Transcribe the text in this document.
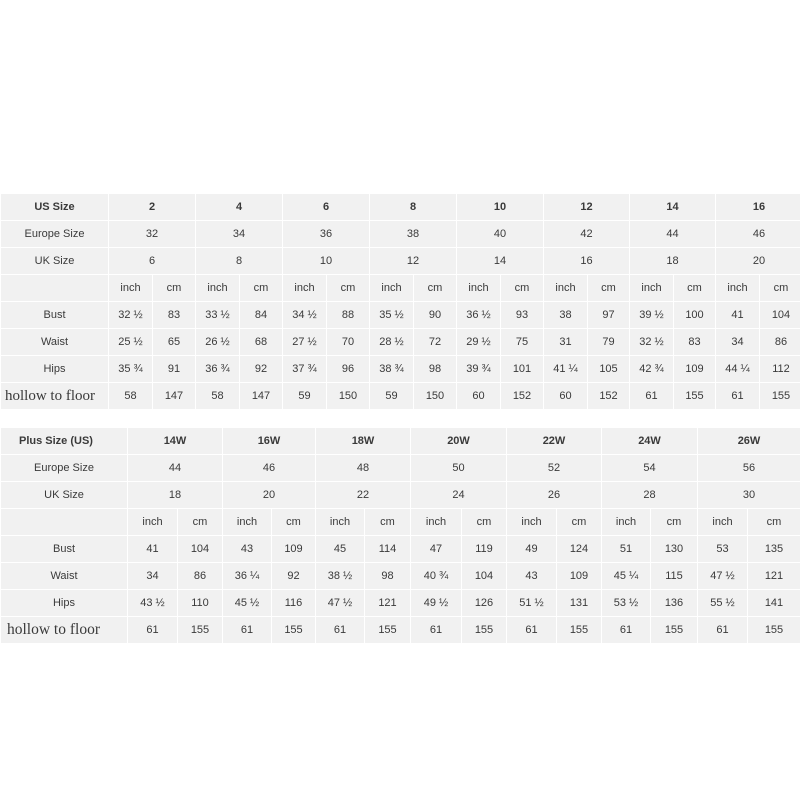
US Size	2		4		6		8		10		12		14		16	
Europe Size	32		34		36		38		40		42		44		46	
UK Size	6		8		10		12		14		16		18		20	
	inch	cm	inch	cm	inch	cm	inch	cm	inch	cm	inch	cm	inch	cm	inch	cm
Bust	32 ½	83	33 ½	84	34 ½	88	35 ½	90	36 ½	93	38	97	39 ½	100	41	104
Waist	25 ½	65	26 ½	68	27 ½	70	28 ½	72	29 ½	75	31	79	32 ½	83	34	86
Hips	35 ¾	91	36 ¾	92	37 ¾	96	38 ¾	98	39 ¾	101	41 ¼	105	42 ¾	109	44 ¼	112
hollow to floor	58	147	58	147	59	150	59	150	60	152	60	152	61	155	61	155
Plus Size (US)	14W		16W		18W		20W		22W		24W		26W	
Europe Size	44		46		48		50		52		54		56	
UK Size	18		20		22		24		26		28		30	
	inch	cm	inch	cm	inch	cm	inch	cm	inch	cm	inch	cm	inch	cm
Bust	41	104	43	109	45	114	47	119	49	124	51	130	53	135
Waist	34	86	36 ¼	92	38 ½	98	40 ¾	104	43	109	45 ¼	115	47 ½	121
Hips	43 ½	110	45 ½	116	47 ½	121	49 ½	126	51 ½	131	53 ½	136	55 ½	141
hollow to floor	61	155	61	155	61	155	61	155	61	155	61	155	61	155
